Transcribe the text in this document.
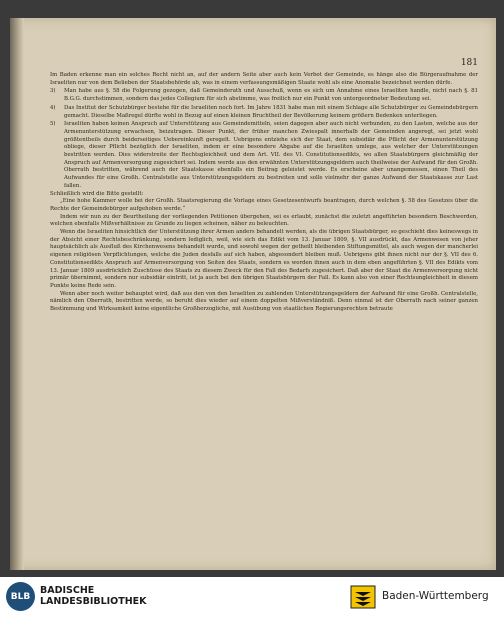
181

Im Baden erkenne man ein solches Recht nicht an, auf der andern Seite aber auch kein Verbot der Gemeinde, es hänge also die Bürgeraufnahme der Israeliten nur von dem Belieben der Staatsbehörde ab, was in einem verfassungsmäßigen Staate wohl als eine Anomalie bezeichnet werden dürfe.

3)	Man habe aus §. 58 die Folgerung gezogen, daß Gemeinderath und Ausschuß, wenn es sich um Annahme eines Israeliten handle, nicht nach §. 81 B.G.G. durchstimmen, sondern das jedes Collegium für sich abstimme, was freilich nur ein Punkt von untergeordneter Bedeutung sei.
4)	Das Institut der Schutzbürger bestehe für die Israeliten noch fort. Im Jahre 1831 habe man mit einem Schlage alle Schutzbürger zu Gemeindebürgern gemacht. Dieselbe Maßregel dürfte wohl in Bezug auf einen kleinen Bruchtheil der Bevölkerung keinem größern Bedenken unterliegen.
5)	Israeliten haben keinen Anspruch auf Unterstützung aus Gemeindemitteln, seien dagegen aber auch nicht verbunden, zu den Lasten, welche aus der Armenunterstützung erwachsen, beizutragen. Dieser Punkt, der früher manchen Zwiespalt innerhalb der Gemeinden angeregt, sei jetzt wohl größtentheils durch beiderseitiges Uebereinkunft geregelt. Uebrigens entziehe sich der Staat, dem subsidiär die Pflicht der Armenunterstützung obliege, dieser Pflicht bezüglich der Israeliten, indem er eine besondere Abgabe auf die Israeliten umlege, aus welcher der Unterstützungen bestritten werden. Dies widerstreite der Rechtsgleichheit und dem Art. VII. des VI. Constitutionsedikts, wo allen Staatsbürgern gleichmäßig der Anspruch auf Armenversorgung zugesichert sei. Indem werde aus den erwähnten Unterstützungsgeldern auch theilweise der Aufwand für den Großh. Oberrath bestritten, während auch der Staatskasse ebenfalls ein Beitrag geleistet werde. Es erscheine aber unangemessen, einen Theil des Aufwandes für eine Großh. Centralstelle aus Unterstützungsgeldern zu bestreiten und solle vielmehr der ganze Aufwand der Staatskasse zur Last fallen.

Schließlich wird die Bitte gestellt:

„Eine hohe Kammer wolle bei der Großh. Staatsregierung die Vorlage eines Gesetzesentwurfs beantragen, durch welchen §. 58 des Gesetzes über die Rechte der Gemeindebürger aufgehoben werde.“

Indem wir nun zu der Beurtheilung der vorliegenden Petitionen übergehen, sei es erlaubt, zunächst die zuletzt angeführten besondern Beschwerden, welchen ebenfalls Mißverhältnisse zu Grunde zu liegen scheinen, näher zu beleuchten.

Wenn die Israeliten hinsichtlich der Unterstützung ihrer Armen anders behandelt werden, als die übrigen Staatsbürger, so geschieht dies keineswegs in der Absicht einer Rechtsbeschränkung, sondern lediglich, weil, wie sich das Edikt vom 13. Januar 1809, §. VII ausdrückt, das Armenwesen von jeher hauptsächlich als Ausfluß des Kirchenwesens behandelt wurde, und sowohl wegen der getheilt bleibenden Stiftungsmittel, als auch wegen der mancherlei eigenen religiösen Verpflichtungen, welche die Juden desfalls auf sich haben, abgesondert bleiben muß. Uebrigens gibt ihnen nicht nur der §. VII des 6. Constitutionsedikts Anspruch auf Armenversorgung von Seiten des Staats, sondern es werden ihnen auch in dem eben angeführten §. VII des Edikts vom 13. Januar 1809 ausdrücklich Zuschüsse des Staats zu diesem Zweck für den Fall des Bedarfs zugesichert. Daß aber der Staat die Armenversorgung nicht primär übernimmt, sondern nur subsidiär eintritt, ist ja auch bei den übrigen Staatsbürgern der Fall. Es kann also von einer Rechtsungleichheit in diesem Punkte keine Rede sein.

Wenn aber noch weiter behauptet wird, daß aus den von den Israeliten zu zahlenden Unterstützungsgeldern der Aufwand für eine Großh. Centralstelle, nämlich den Oberrath, bestritten werde, so beruht dies wieder auf einem doppelten Mißverständniß. Denn einmal ist der Oberrath nach seiner ganzen Bestimmung und Wirksamkeit keine eigentliche Großherzogliche, mit Ausübung von staatlichen Regierungsrechten betraute

BLB
BADISCHE
LANDESBIBLIOTHEK	Baden-Württemberg
